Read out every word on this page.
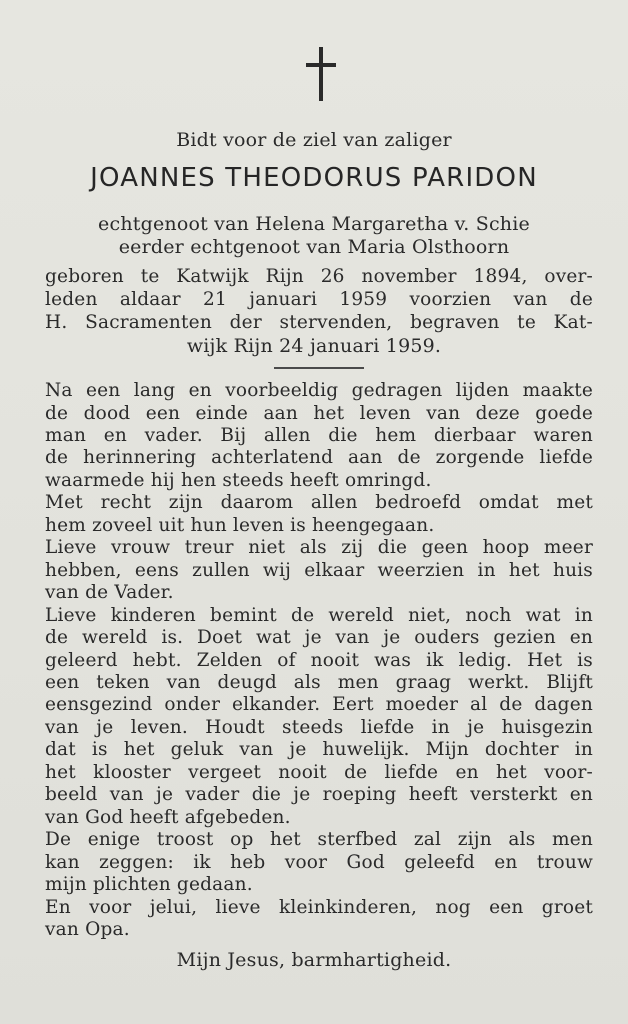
Bidt voor de ziel van zaliger
JOANNES THEODORUS PARIDON
echtgenoot van Helena Margaretha v. Schie
eerder echtgenoot van Maria Olsthoorn
geboren te Katwijk Rijn 26 november 1894, over-
leden aldaar 21 januari 1959 voorzien van de
H. Sacramenten der stervenden, begraven te Kat-
wijk Rijn 24 januari 1959.
Na een lang en voorbeeldig gedragen lijden maakte
de dood een einde aan het leven van deze goede
man en vader. Bij allen die hem dierbaar waren
de herinnering achterlatend aan de zorgende liefde
waarmede hij hen steeds heeft omringd.
Met recht zijn daarom allen bedroefd omdat met
hem zoveel uit hun leven is heengegaan.
Lieve vrouw treur niet als zij die geen hoop meer
hebben, eens zullen wij elkaar weerzien in het huis
van de Vader.
Lieve kinderen bemint de wereld niet, noch wat in
de wereld is. Doet wat je van je ouders gezien en
geleerd hebt. Zelden of nooit was ik ledig. Het is
een teken van deugd als men graag werkt. Blijft
eensgezind onder elkander. Eert moeder al de dagen
van je leven. Houdt steeds liefde in je huisgezin
dat is het geluk van je huwelijk. Mijn dochter in
het klooster vergeet nooit de liefde en het voor-
beeld van je vader die je roeping heeft versterkt en
van God heeft afgebeden.
De enige troost op het sterfbed zal zijn als men
kan zeggen: ik heb voor God geleefd en trouw
mijn plichten gedaan.
En voor jelui, lieve kleinkinderen, nog een groet
van Opa.
Mijn Jesus, barmhartigheid.
